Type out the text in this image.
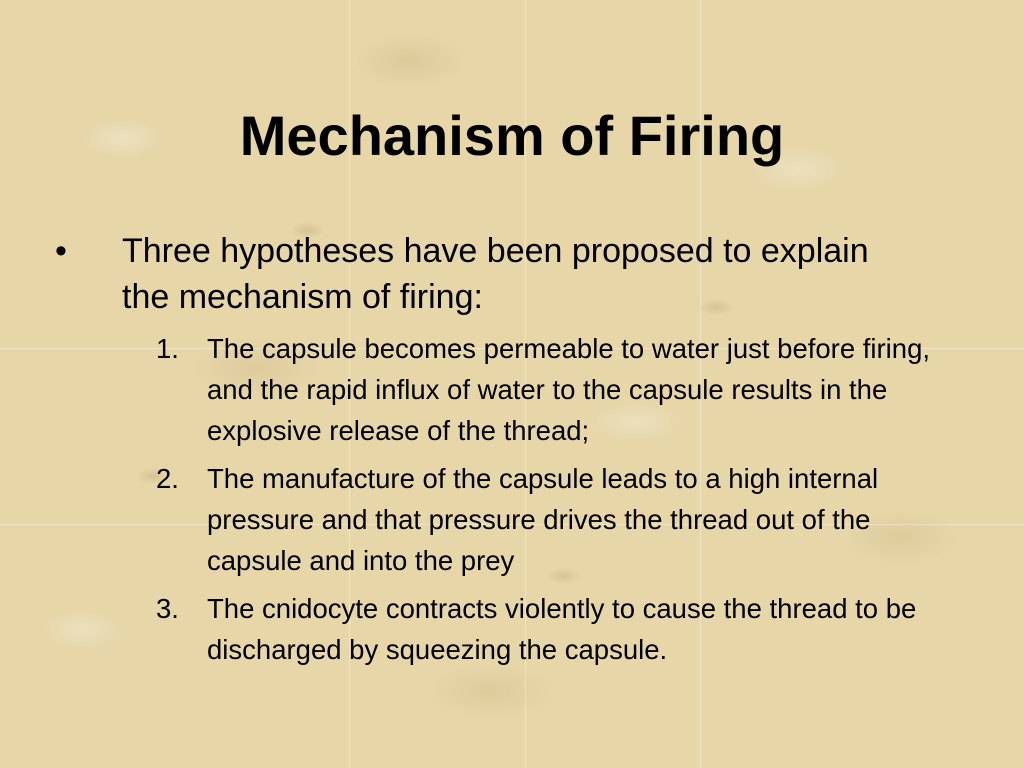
Mechanism of Firing
• Three hypotheses have been proposed to explain the mechanism of firing:
1. The capsule becomes permeable to water just before firing, and the rapid influx of water to the capsule results in the explosive release of the thread;
2. The manufacture of the capsule leads to a high internal pressure and that pressure drives the thread out of the capsule and into the prey
3. The cnidocyte contracts violently to cause the thread to be discharged by squeezing the capsule.
